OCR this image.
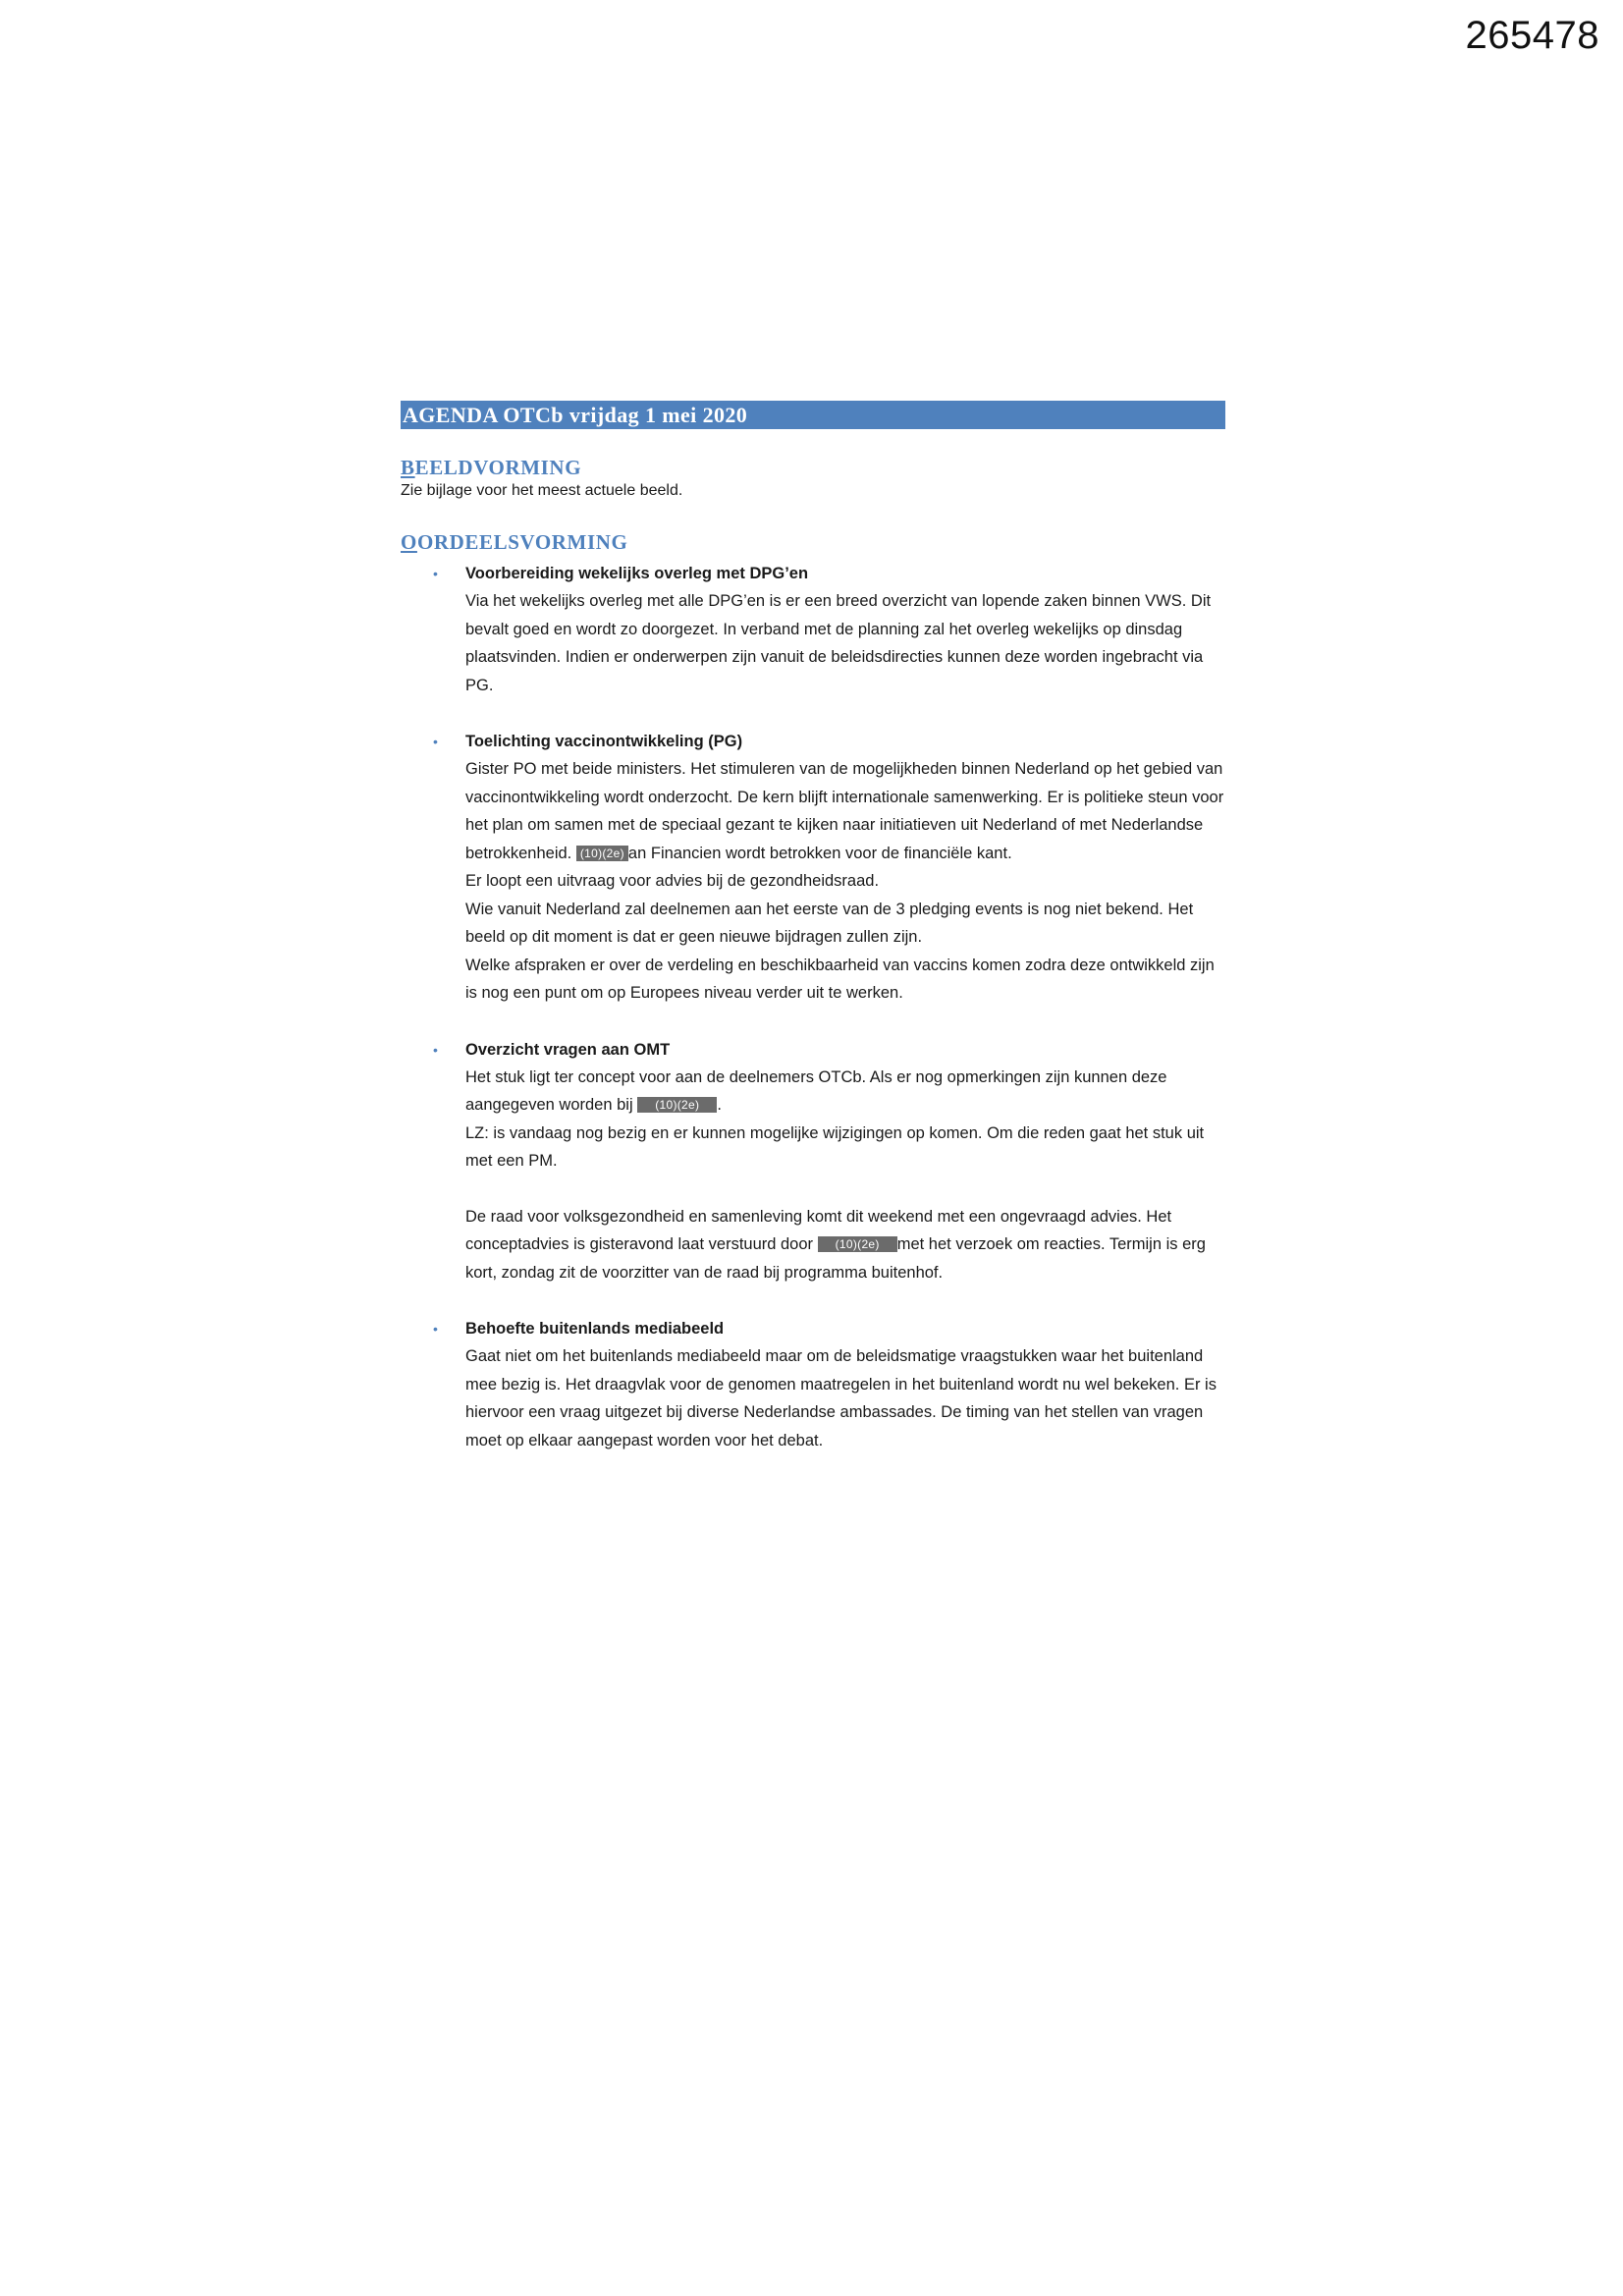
265478
AGENDA OTCb vrijdag 1 mei 2020
BEELDVORMING
Zie bijlage voor het meest actuele beeld.
OORDEELSVORMING
• Voorbereiding wekelijks overleg met DPG’en
Via het wekelijks overleg met alle DPG’en is er een breed overzicht van lopende zaken binnen VWS. Dit bevalt goed en wordt zo doorgezet. In verband met de planning zal het overleg wekelijks op dinsdag plaatsvinden. Indien er onderwerpen zijn vanuit de beleidsdirecties kunnen deze worden ingebracht via PG.
• Toelichting vaccinontwikkeling (PG)
Gister PO met beide ministers. Het stimuleren van de mogelijkheden binnen Nederland op het gebied van vaccinontwikkeling wordt onderzocht. De kern blijft internationale samenwerking. Er is politieke steun voor het plan om samen met de speciaal gezant te kijken naar initiatieven uit Nederland of met Nederlandse betrokkenheid. (10)(2e) an Financien wordt betrokken voor de financiële kant.
Er loopt een uitvraag voor advies bij de gezondheidsraad.
Wie vanuit Nederland zal deelnemen aan het eerste van de 3 pledging events is nog niet bekend. Het beeld op dit moment is dat er geen nieuwe bijdragen zullen zijn.
Welke afspraken er over de verdeling en beschikbaarheid van vaccins komen zodra deze ontwikkeld zijn is nog een punt om op Europees niveau verder uit te werken.
• Overzicht vragen aan OMT
Het stuk ligt ter concept voor aan de deelnemers OTCb. Als er nog opmerkingen zijn kunnen deze aangegeven worden bij (10)(2e) .
LZ: is vandaag nog bezig en er kunnen mogelijke wijzigingen op komen. Om die reden gaat het stuk uit met een PM.
De raad voor volksgezondheid en samenleving komt dit weekend met een ongevraagd advies. Het conceptadvies is gisteravond laat verstuurd door (10)(2e) met het verzoek om reacties. Termijn is erg kort, zondag zit de voorzitter van de raad bij programma buitenhof.
• Behoefte buitenlands mediabeeld
Gaat niet om het buitenlands mediabeeld maar om de beleidsmatige vraagstukken waar het buitenland mee bezig is. Het draagvlak voor de genomen maatregelen in het buitenland wordt nu wel bekeken. Er is hiervoor een vraag uitgezet bij diverse Nederlandse ambassades. De timing van het stellen van vragen moet op elkaar aangepast worden voor het debat.
